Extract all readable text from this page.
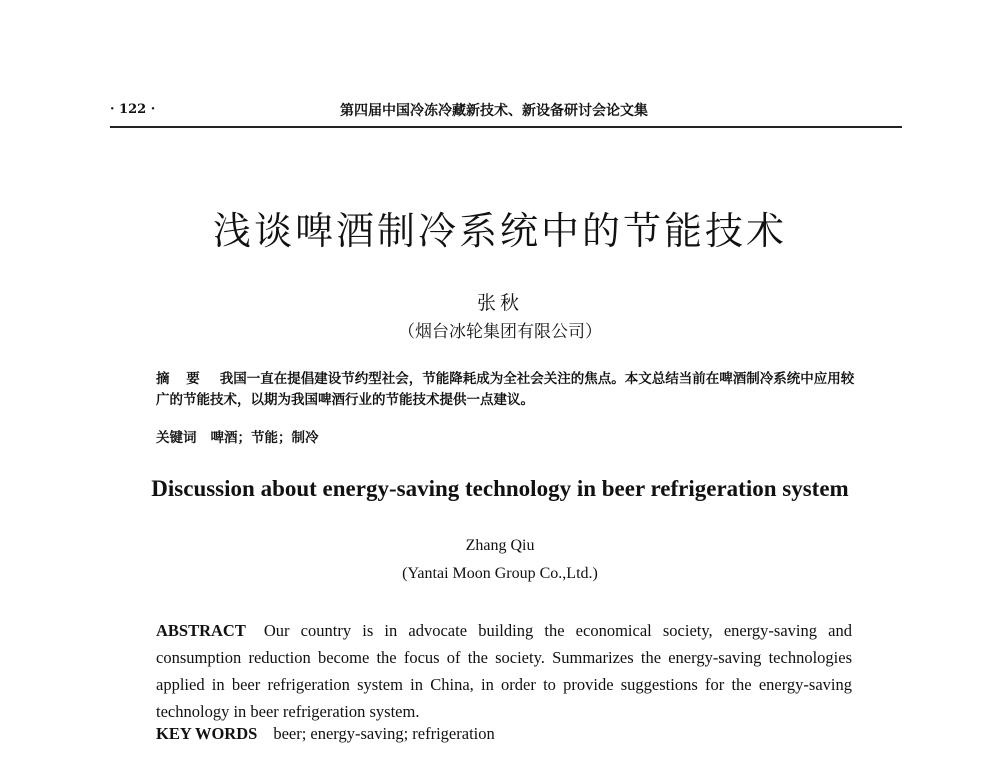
· 122 ·	第四届中国冷冻冷藏新技术、新设备研讨会论文集
浅谈啤酒制冷系统中的节能技术
张秋
（烟台冰轮集团有限公司）
摘 要 我国一直在提倡建设节约型社会，节能降耗成为全社会关注的焦点。本文总结当前在啤酒制冷系统中应用较广的节能技术，以期为我国啤酒行业的节能技术提供一点建议。
关键词 啤酒；节能；制冷
Discussion about energy-saving technology in beer refrigeration system
Zhang Qiu
(Yantai Moon Group Co.,Ltd.)
ABSTRACT Our country is in advocate building the economical society, energy-saving and consumption reduction become the focus of the society. Summarizes the energy-saving technologies applied in beer refrigeration system in China, in order to provide suggestions for the energy-saving technology in beer refrigeration system.
KEY WORDS beer; energy-saving; refrigeration
